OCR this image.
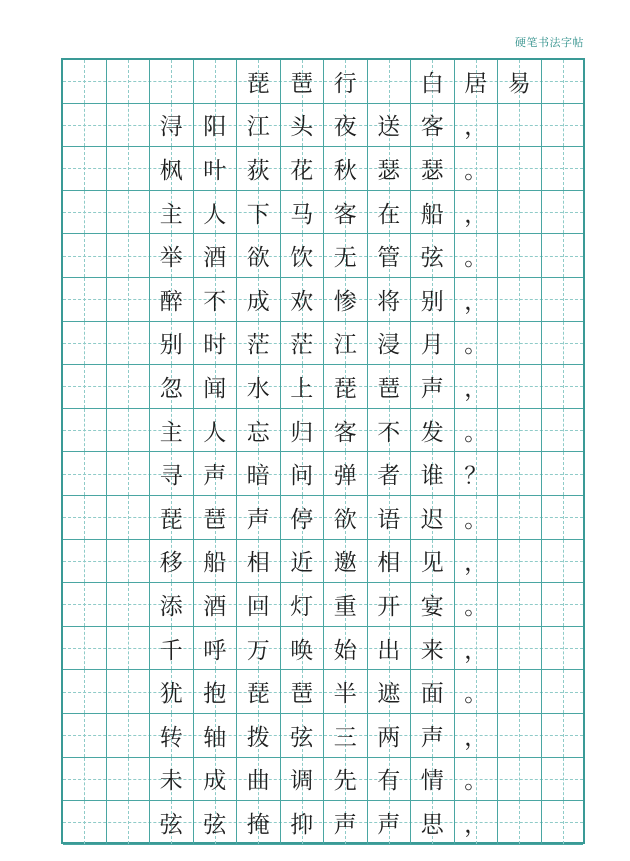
硬笔书法字帖
琵 琶 行	白 居 易
浔 阳 江 头 夜 送 客 ，
枫 叶 荻 花 秋 瑟 瑟 。
主 人 下 马 客 在 船 ，
举 酒 欲 饮 无 管 弦 。
醉 不 成 欢 惨 将 别 ，
别 时 茫 茫 江 浸 月 。
忽 闻 水 上 琵 琶 声 ，
主 人 忘 归 客 不 发 。
寻 声 暗 问 弹 者 谁 ？
琵 琶 声 停 欲 语 迟 。
移 船 相 近 邀 相 见 ，
添 酒 回 灯 重 开 宴 。
千 呼 万 唤 始 出 来 ，
犹 抱 琵 琶 半 遮 面 。
转 轴 拨 弦 三 两 声 ，
未 成 曲 调 先 有 情 。
弦 弦 掩 抑 声 声 思 ，
